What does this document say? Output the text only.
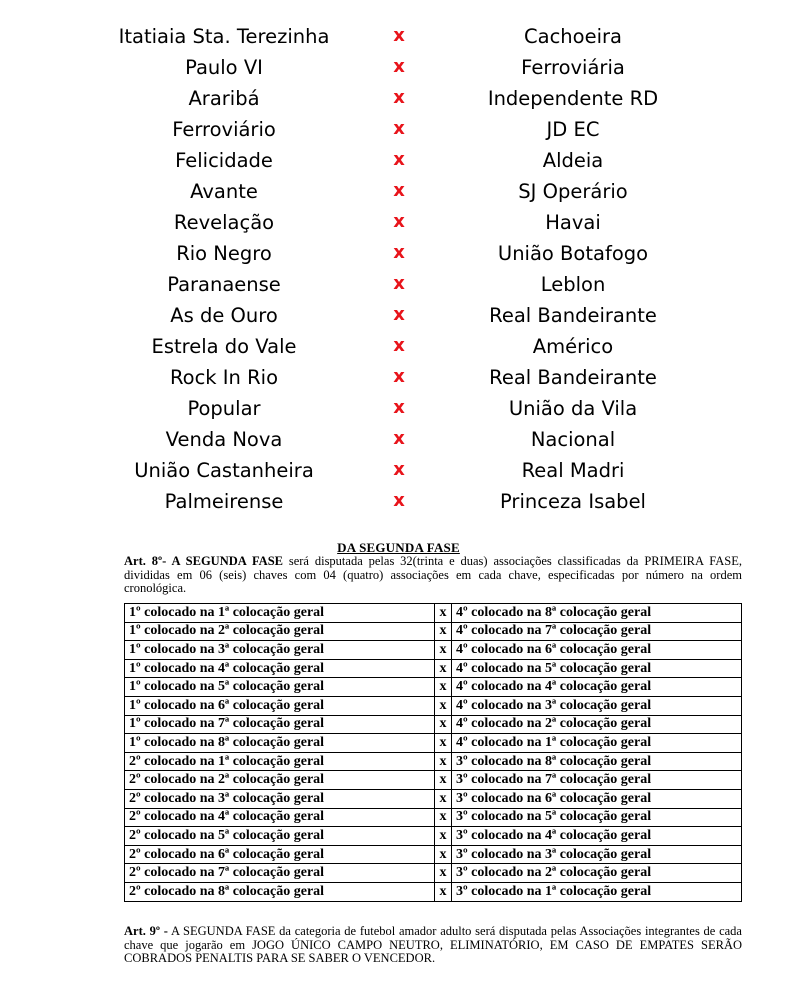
Itatiaia Sta. Terezinha	x	Cachoeira
Paulo VI	x	Ferroviária
Araribá	x	Independente RD
Ferroviário	x	JD EC
Felicidade	x	Aldeia
Avante	x	SJ Operário
Revelação	x	Havai
Rio Negro	x	União Botafogo
Paranaense	x	Leblon
As de Ouro	x	Real Bandeirante
Estrela do Vale	x	Américo
Rock In Rio	x	Real Bandeirante
Popular	x	União da Vila
Venda Nova	x	Nacional
União Castanheira	x	Real Madri
Palmeirense	x	Princeza Isabel
DA SEGUNDA FASE
Art. 8º- A SEGUNDA FASE será disputada pelas 32(trinta e duas) associações classificadas da PRIMEIRA FASE, divididas em 06 (seis) chaves com 04 (quatro) associações em cada chave, especificadas por número na ordem cronológica.
1º colocado na 1ª colocação geral	x	4º colocado na 8ª colocação geral
1º colocado na 2ª colocação geral	x	4º colocado na 7ª colocação geral
1º colocado na 3ª colocação geral	x	4º colocado na 6ª colocação geral
1º colocado na 4ª colocação geral	x	4º colocado na 5ª colocação geral
1º colocado na 5ª colocação geral	x	4º colocado na 4ª colocação geral
1º colocado na 6ª colocação geral	x	4º colocado na 3ª colocação geral
1º colocado na 7ª colocação geral	x	4º colocado na 2ª colocação geral
1º colocado na 8ª colocação geral	x	4º colocado na 1ª colocação geral
2º colocado na 1ª colocação geral	x	3º colocado na 8ª colocação geral
2º colocado na 2ª colocação geral	x	3º colocado na 7ª colocação geral
2º colocado na 3ª colocação geral	x	3º colocado na 6ª colocação geral
2º colocado na 4ª colocação geral	x	3º colocado na 5ª colocação geral
2º colocado na 5ª colocação geral	x	3º colocado na 4ª colocação geral
2º colocado na 6ª colocação geral	x	3º colocado na 3ª colocação geral
2º colocado na 7ª colocação geral	x	3º colocado na 2ª colocação geral
2º colocado na 8ª colocação geral	x	3º colocado na 1ª colocação geral
Art. 9º - A SEGUNDA FASE da categoria de futebol amador adulto será disputada pelas Associações integrantes de cada chave que jogarão em JOGO ÚNICO CAMPO NEUTRO, ELIMINATÓRIO, EM CASO DE EMPATES SERÃO COBRADOS PENALTIS PARA SE SABER O VENCEDOR.
